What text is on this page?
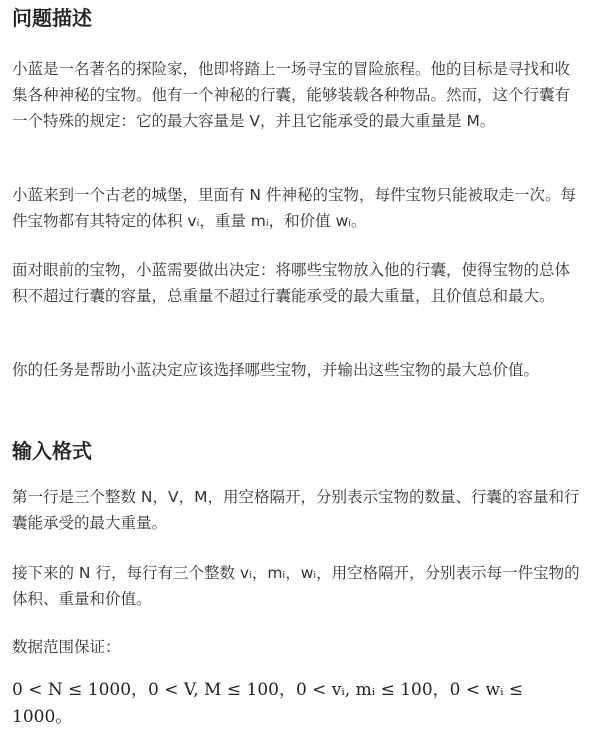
问题描述

小蓝是一名著名的探险家，他即将踏上一场寻宝的冒险旅程。他的目标是寻找和收集各种神秘的宝物。他有一个神秘的行囊，能够装载各种物品。然而，这个行囊有一个特殊的规定：它的最大容量是 V，并且它能承受的最大重量是 M。

小蓝来到一个古老的城堡，里面有 N 件神秘的宝物，每件宝物只能被取走一次。每件宝物都有其特定的体积 vᵢ，重量 mᵢ，和价值 wᵢ。

面对眼前的宝物，小蓝需要做出决定：将哪些宝物放入他的行囊，使得宝物的总体积不超过行囊的容量，总重量不超过行囊能承受的最大重量，且价值总和最大。

你的任务是帮助小蓝决定应该选择哪些宝物，并输出这些宝物的最大总价值。

输入格式

第一行是三个整数 N，V，M，用空格隔开，分别表示宝物的数量、行囊的容量和行囊能承受的最大重量。

接下来的 N 行，每行有三个整数 vᵢ，mᵢ，wᵢ，用空格隔开，分别表示每一件宝物的体积、重量和价值。

数据范围保证：

0 < N ≤ 1000，0 < V, M ≤ 100，0 < vᵢ, mᵢ ≤ 100，0 < wᵢ ≤ 1000。
